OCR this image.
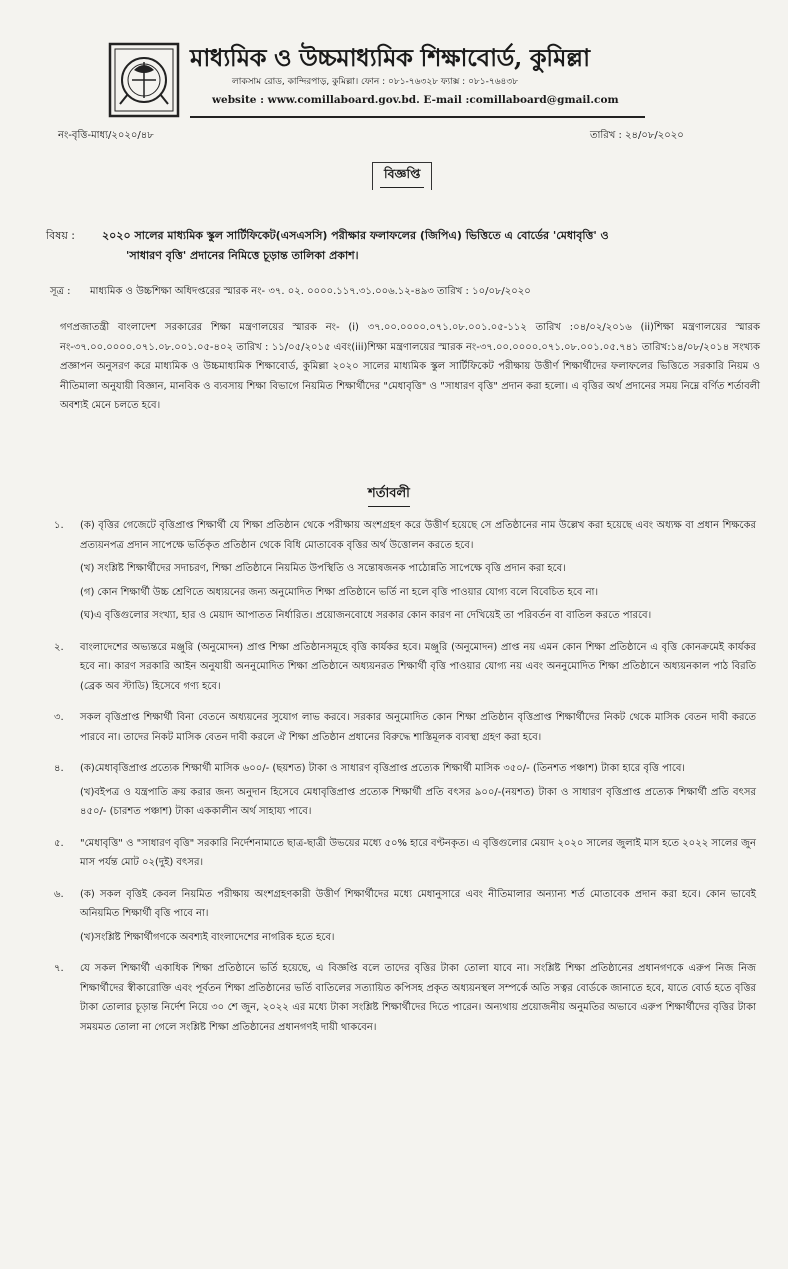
মাধ্যমিক ও উচ্চমাধ্যমিক শিক্ষাবোর্ড, কুমিল্লা
লাকসাম রোড, কান্দিরপাড়, কুমিল্লা। ফোন : ০৮১-৭৬৩২৮ ফ্যাক্স : ০৮১-৭৬৪৩৮
website : www.comillaboard.gov.bd. E-mail :comillaboard@gmail.com
নং-বৃত্তি-মাধ্য/২০২০/৪৮	তারিখ : ২৪/০৮/২০২০
বিজ্ঞপ্তি
বিষয় : ২০২০ সালের মাধ্যমিক স্কুল সার্টিফিকেট(এসএসসি) পরীক্ষার ফলাফলের (জিপিএ) ভিত্তিতে এ বোর্ডের 'মেধাবৃত্তি' ও
'সাধারণ বৃত্তি' প্রদানের নিমিত্তে চূড়ান্ত তালিকা প্রকাশ।
সূত্র : মাধ্যমিক ও উচ্চশিক্ষা অধিদপ্তরের স্মারক নং- ৩৭. ০২. ০০০০.১১৭.৩১.০০৬.১২-৪৯৩ তারিখ : ১০/০৮/২০২০
গণপ্রজাতন্ত্রী বাংলাদেশ সরকারের শিক্ষা মন্ত্রণালয়ের স্মারক নং- (i) ৩৭.০০.০০০০.০৭১.০৮.০০১.০৫-১১২ তারিখ :০৪/০২/২০১৬ (ii)শিক্ষা মন্ত্রণালয়ের স্মারক নং-৩৭.০০.০০০০.০৭১.০৮.০০১.০৫-৪০২ তারিখ : ১১/০৫/২০১৫ এবং(iii)শিক্ষা মন্ত্রণালয়ের স্মারক নং-৩৭.০০.০০০০.০৭১.০৮.০০১.০৫.৭৪১ তারিখ:১৪/০৮/২০১৪ সংখ্যক প্রজ্ঞাপন অনুসরণ করে মাধ্যমিক ও উচ্চমাধ্যমিক শিক্ষাবোর্ড, কুমিল্লা ২০২০ সালের মাধ্যমিক স্কুল সার্টিফিকেট পরীক্ষায় উত্তীর্ণ শিক্ষার্থীদের ফলাফলের ভিত্তিতে সরকারি নিয়ম ও নীতিমালা অনুযায়ী বিজ্ঞান, মানবিক ও ব্যবসায় শিক্ষা বিভাগে নিয়মিত শিক্ষার্থীদের "মেধাবৃত্তি" ও "সাধারণ বৃত্তি" প্রদান করা হলো। এ বৃত্তির অর্থ প্রদানের সময় নিম্নে বর্ণিত শর্তাবলী অবশ্যই মেনে চলতে হবে।
শর্তাবলী
১.	(ক) বৃত্তির গেজেটে বৃত্তিপ্রাপ্ত শিক্ষার্থী যে শিক্ষা প্রতিষ্ঠান থেকে পরীক্ষায় অংশগ্রহণ করে উত্তীর্ণ হয়েছে সে প্রতিষ্ঠানের নাম উল্লেখ করা হয়েছে এবং অধ্যক্ষ বা প্রধান শিক্ষকের প্রত্যয়নপত্র প্রদান সাপেক্ষে ভর্তিকৃত প্রতিষ্ঠান থেকে বিধি মোতাবেক বৃত্তির অর্থ উত্তোলন করতে হবে।
(খ) সংশ্লিষ্ট শিক্ষার্থীদের সদাচরণ, শিক্ষা প্রতিষ্ঠানে নিয়মিত উপস্থিতি ও সন্তোষজনক পাঠোন্নতি সাপেক্ষে বৃত্তি প্রদান করা হবে।
(গ) কোন শিক্ষার্থী উচ্চ শ্রেণিতে অধ্যয়নের জন্য অনুমোদিত শিক্ষা প্রতিষ্ঠানে ভর্তি না হলে বৃত্তি পাওয়ার যোগ্য বলে বিবেচিত হবে না।
(ঘ)এ বৃত্তিগুলোর সংখ্যা, হার ও মেয়াদ আপাতত নির্ধারিত। প্রয়োজনবোধে সরকার কোন কারণ না দেখিয়েই তা পরিবর্তন বা বাতিল করতে পারবে।
২.	বাংলাদেশের অভ্যন্তরে মঞ্জুরি (অনুমোদন) প্রাপ্ত শিক্ষা প্রতিষ্ঠানসমূহে বৃত্তি কার্যকর হবে। মঞ্জুরি (অনুমোদন) প্রাপ্ত নয় এমন কোন শিক্ষা প্রতিষ্ঠানে এ বৃত্তি কোনক্রমেই কার্যকর হবে না। কারণ সরকারি আইন অনুযায়ী অননুমোদিত শিক্ষা প্রতিষ্ঠানে অধ্যয়নরত শিক্ষার্থী বৃত্তি পাওয়ার যোগ্য নয় এবং অননুমোদিত শিক্ষা প্রতিষ্ঠানে অধ্যয়নকাল পাঠ বিরতি (ব্রেক অব স্টাডি) হিসেবে গণ্য হবে।
৩.	সকল বৃত্তিপ্রাপ্ত শিক্ষার্থী বিনা বেতনে অধ্যয়নের সুযোগ লাভ করবে। সরকার অনুমোদিত কোন শিক্ষা প্রতিষ্ঠান বৃত্তিপ্রাপ্ত শিক্ষার্থীদের নিকট থেকে মাসিক বেতন দাবী করতে পারবে না। তাদের নিকট মাসিক বেতন দাবী করলে ঐ শিক্ষা প্রতিষ্ঠান প্রধানের বিরুদ্ধে শাস্তিমূলক ব্যবস্থা গ্রহণ করা হবে।
৪.	(ক)মেধাবৃত্তিপ্রাপ্ত প্রত্যেক শিক্ষার্থী মাসিক ৬০০/- (ছয়শত) টাকা ও সাধারণ বৃত্তিপ্রাপ্ত প্রত্যেক শিক্ষার্থী মাসিক ৩৫০/- (তিনশত পঞ্চাশ) টাকা হারে বৃত্তি পাবে।
(খ)বইপত্র ও যন্ত্রপাতি ক্রয় করার জন্য অনুদান হিসেবে মেধাবৃত্তিপ্রাপ্ত প্রত্যেক শিক্ষার্থী প্রতি বৎসর ৯০০/-(নয়শত) টাকা ও সাধারণ বৃত্তিপ্রাপ্ত প্রত্যেক শিক্ষার্থী প্রতি বৎসর ৪৫০/- (চারশত পঞ্চাশ) টাকা এককালীন অর্থ সাহায্য পাবে।
৫.	"মেধাবৃত্তি" ও "সাধারণ বৃত্তি" সরকারি নির্দেশনামাতে ছাত্র-ছাত্রী উভয়ের মধ্যে ৫০% হারে বণ্টনকৃত। এ বৃত্তিগুলোর মেয়াদ ২০২০ সালের জুলাই মাস হতে ২০২২ সালের জুন মাস পর্যন্ত মোট ০২(দুই) বৎসর।
৬.	(ক) সকল বৃত্তিই কেবল নিয়মিত পরীক্ষায় অংশগ্রহণকারী উত্তীর্ণ শিক্ষার্থীদের মধ্যে মেধানুসারে এবং নীতিমালার অন্যান্য শর্ত মোতাবেক প্রদান করা হবে। কোন ভাবেই অনিয়মিত শিক্ষার্থী বৃত্তি পাবে না।
(খ)সংশ্লিষ্ট শিক্ষার্থীগণকে অবশ্যই বাংলাদেশের নাগরিক হতে হবে।
৭.	যে সকল শিক্ষার্থী একাধিক শিক্ষা প্রতিষ্ঠানে ভর্তি হয়েছে, এ বিজ্ঞপ্তি বলে তাদের বৃত্তির টাকা তোলা যাবে না। সংশ্লিষ্ট শিক্ষা প্রতিষ্ঠানের প্রধানগণকে এরুপ নিজ নিজ শিক্ষার্থীদের স্বীকারোক্তি এবং পূর্বতন শিক্ষা প্রতিষ্ঠানের ভর্তি বাতিলের সত্যায়িত কপিসহ প্রকৃত অধ্যয়নস্থল সম্পর্কে অতি সত্বর বোর্ডকে জানাতে হবে, যাতে বোর্ড হতে বৃত্তির টাকা তোলার চূড়ান্ত নির্দেশ নিয়ে ৩০ শে জুন, ২০২২ এর মধ্যে টাকা সংশ্লিষ্ট শিক্ষার্থীদের দিতে পারেন। অন্যথায় প্রয়োজনীয় অনুমতির অভাবে এরুপ শিক্ষার্থীদের বৃত্তির টাকা সময়মত তোলা না গেলে সংশ্লিষ্ট শিক্ষা প্রতিষ্ঠানের প্রধানগণই দায়ী থাকবেন।
